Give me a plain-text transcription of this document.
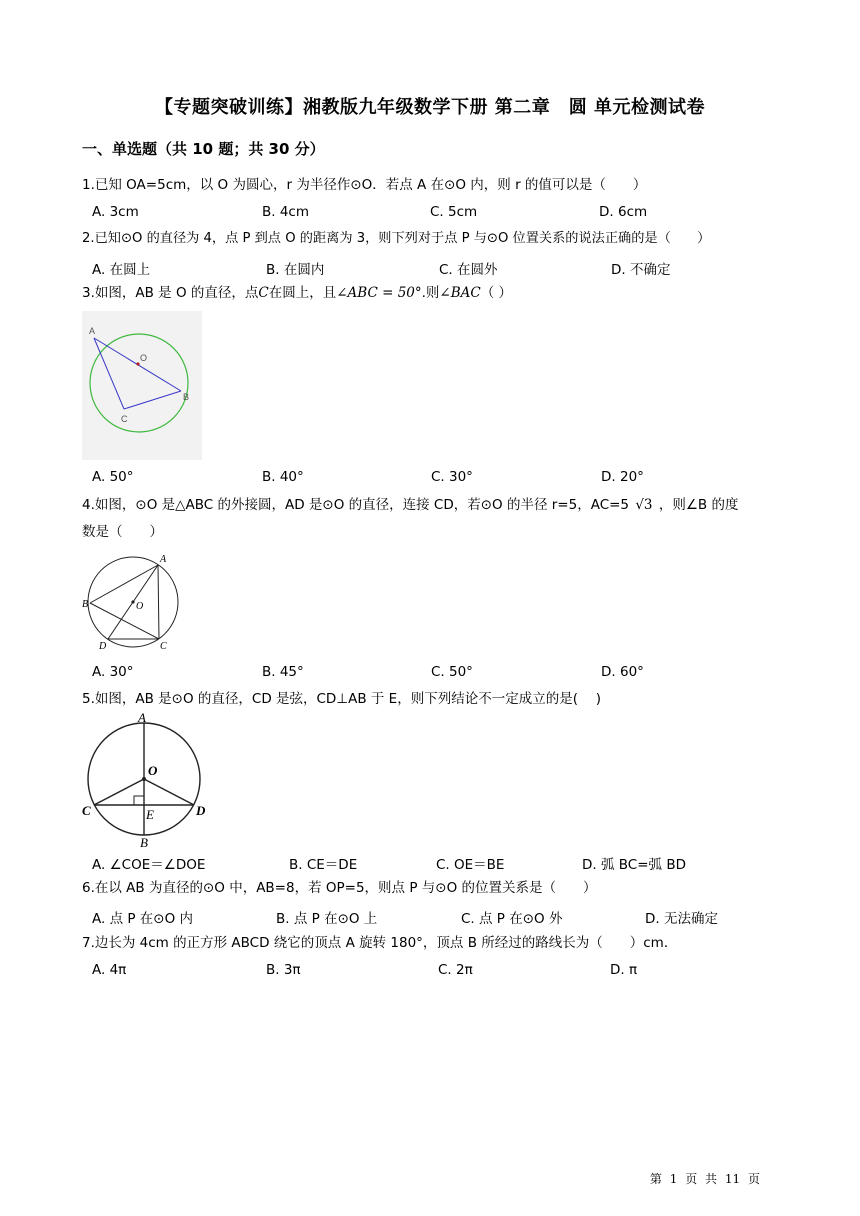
【专题突破训练】湘教版九年级数学下册 第二章　圆 单元检测试卷
一、单选题（共 10 题；共 30 分）
1.已知 OA=5cm，以 O 为圆心，r 为半径作⊙O．若点 A 在⊙O 内，则 r 的值可以是（　　）
A. 3cm	B. 4cm	C. 5cm	D. 6cm
2.已知⊙O 的直径为 4，点 P 到点 O 的距离为 3，则下列对于点 P 与⊙O 位置关系的说法正确的是（　　）
A. 在圆上	B. 在圆内	C. 在圆外	D. 不确定
3.如图，AB 是 O 的直径，点C在圆上，且∠ABC = 50°.则∠BAC（ ）
A
O
B
C
A. 50°	B. 40°	C. 30°	D. 20°
4.如图，⊙O 是△ABC 的外接圆，AD 是⊙O 的直径，连接 CD，若⊙O 的半径 r=5，AC=5 √3 ，则∠B 的度
数是（　　）
A
B	O
D	C
A. 30°	B. 45°	C. 50°	D. 60°
5.如图，AB 是⊙O 的直径，CD 是弦，CD⊥AB 于 E，则下列结论不一定成立的是(　 )
A
O
C	D
E
B
A. ∠COE＝∠DOE	B. CE＝DE	C. OE＝BE	D. 弧 BC=弧 BD
6.在以 AB 为直径的⊙O 中，AB=8，若 OP=5，则点 P 与⊙O 的位置关系是（　　）
A. 点 P 在⊙O 内	B. 点 P 在⊙O 上	C. 点 P 在⊙O 外	D. 无法确定
7.边长为 4cm 的正方形 ABCD 绕它的顶点 A 旋转 180°，顶点 B 所经过的路线长为（　　）cm．
A. 4π	B. 3π	C. 2π	D. π
第 1 页 共 11 页
